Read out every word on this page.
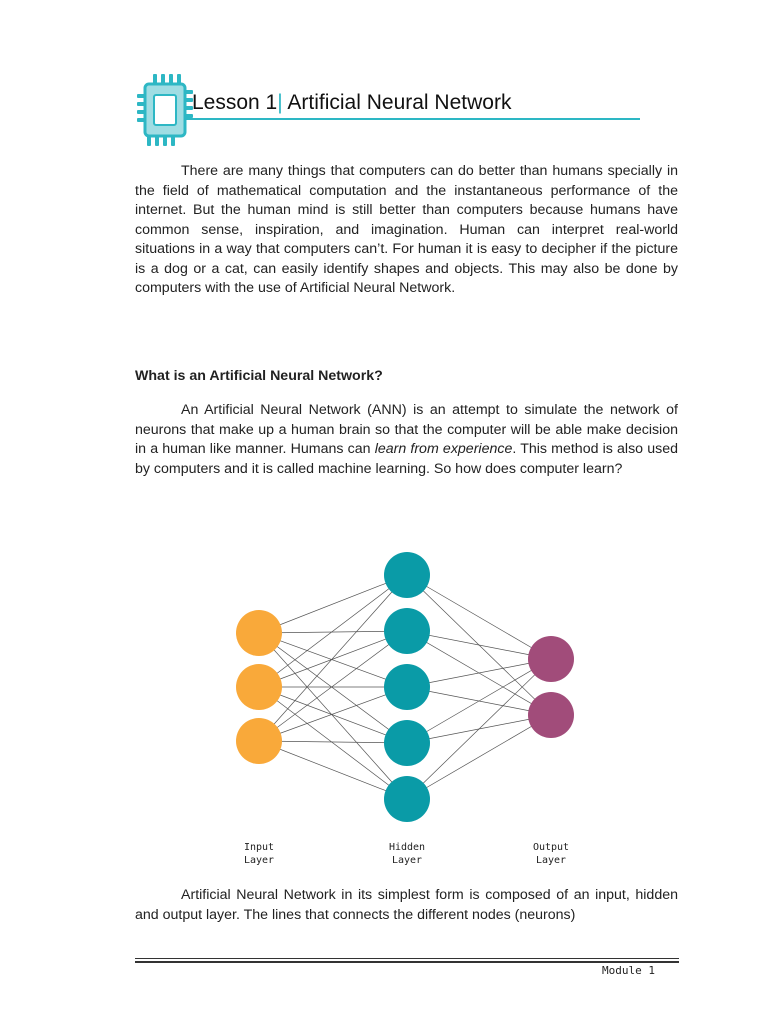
Lesson 1| Artificial Neural Network

There are many things that computers can do better than humans specially in the field of mathematical computation and the instantaneous performance of the internet. But the human mind is still better than computers because humans have common sense, inspiration, and imagination. Human can interpret real-world situations in a way that computers can’t. For human it is easy to decipher if the picture is a dog or a cat, can easily identify shapes and objects. This may also be done by computers with the use of Artificial Neural Network.

What is an Artificial Neural Network?

An Artificial Neural Network (ANN) is an attempt to simulate the network of neurons that make up a human brain so that the computer will be able make decision in a human like manner. Humans can learn from experience. This method is also used by computers and it is called machine learning. So how does computer learn?

Input Layer
Hidden Layer
Output Layer

Artificial Neural Network in its simplest form is composed of an input, hidden and output layer. The lines that connects the different nodes (neurons)

Module 1
